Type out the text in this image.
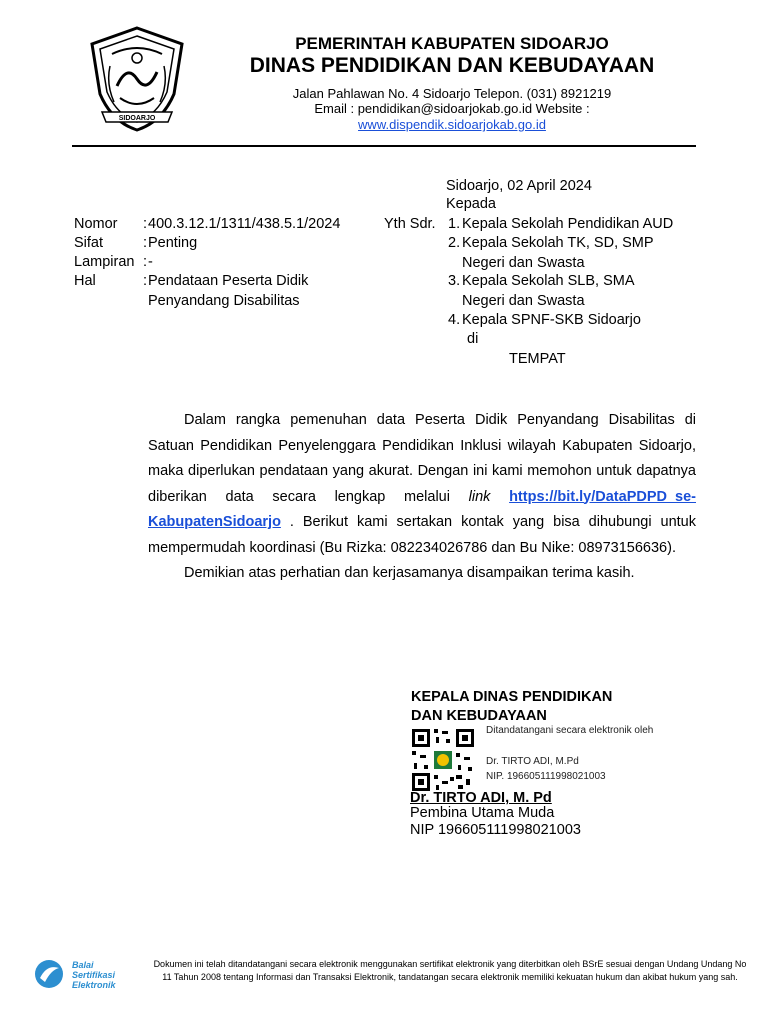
SIDOARJO
PEMERINTAH KABUPATEN SIDOARJO
DINAS PENDIDIKAN DAN KEBUDAYAAN
Jalan Pahlawan No. 4 Sidoarjo Telepon. (031) 8921219
Email : pendidikan@sidoarjokab.go.id Website :
www.dispendik.sidoarjokab.go.id
Sidoarjo, 02 April 2024
Kepada
Nomor	: 400.3.12.1/1311/438.5.1/2024
Sifat	: Penting
Lampiran : -
Hal	: Pendataan Peserta Didik
Penyandang Disabilitas
Yth Sdr. 1. Kepala Sekolah Pendidikan AUD
2. Kepala Sekolah TK, SD, SMP
Negeri dan Swasta
3. Kepala Sekolah SLB, SMA
Negeri dan Swasta
4. Kepala SPNF-SKB Sidoarjo
di
TEMPAT

Dalam rangka pemenuhan data Peserta Didik Penyandang Disabilitas di Satuan Pendidikan Penyelenggara Pendidikan Inklusi wilayah Kabupaten Sidoarjo, maka diperlukan pendataan yang akurat. Dengan ini kami memohon untuk dapatnya diberikan data secara lengkap melalui link https://bit.ly/DataPDPD_se-KabupatenSidoarjo . Berikut kami sertakan kontak yang bisa dihubungi untuk mempermudah koordinasi (Bu Rizka: 082234026786 dan Bu Nike: 08973156636).

Demikian atas perhatian dan kerjasamanya disampaikan terima kasih.

KEPALA DINAS PENDIDIKAN
DAN KEBUDAYAAN
Ditandatangani secara elektronik oleh
Dr. TIRTO ADI, M.Pd
NIP. 196605111998021003
Dr. TIRTO ADI, M. Pd
Pembina Utama Muda
NIP 196605111998021003
Balai
Sertifikasi
Elektronik
Dokumen ini telah ditandatangani secara elektronik menggunakan sertifikat elektronik yang diterbitkan oleh BSrE sesuai dengan Undang Undang No 11 Tahun 2008 tentang Informasi dan Transaksi Elektronik, tandatangan secara elektronik memiliki kekuatan hukum dan akibat hukum yang sah.
